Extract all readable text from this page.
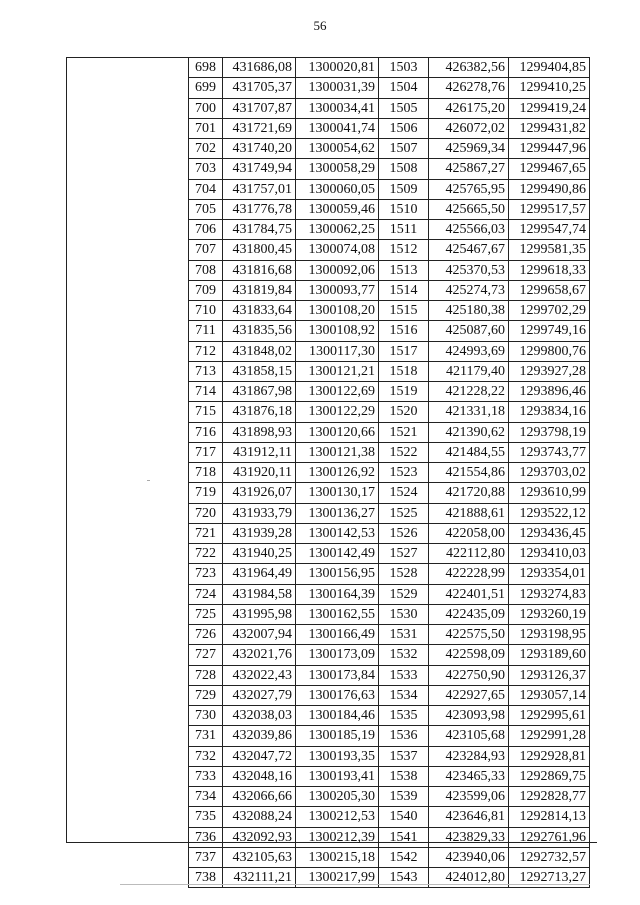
56
698	431686,08	1300020,81	1503	426382,56	1299404,85
699	431705,37	1300031,39	1504	426278,76	1299410,25
700	431707,87	1300034,41	1505	426175,20	1299419,24
701	431721,69	1300041,74	1506	426072,02	1299431,82
702	431740,20	1300054,62	1507	425969,34	1299447,96
703	431749,94	1300058,29	1508	425867,27	1299467,65
704	431757,01	1300060,05	1509	425765,95	1299490,86
705	431776,78	1300059,46	1510	425665,50	1299517,57
706	431784,75	1300062,25	1511	425566,03	1299547,74
707	431800,45	1300074,08	1512	425467,67	1299581,35
708	431816,68	1300092,06	1513	425370,53	1299618,33
709	431819,84	1300093,77	1514	425274,73	1299658,67
710	431833,64	1300108,20	1515	425180,38	1299702,29
711	431835,56	1300108,92	1516	425087,60	1299749,16
712	431848,02	1300117,30	1517	424993,69	1299800,76
713	431858,15	1300121,21	1518	421179,40	1293927,28
714	431867,98	1300122,69	1519	421228,22	1293896,46
715	431876,18	1300122,29	1520	421331,18	1293834,16
716	431898,93	1300120,66	1521	421390,62	1293798,19
717	431912,11	1300121,38	1522	421484,55	1293743,77
718	431920,11	1300126,92	1523	421554,86	1293703,02
719	431926,07	1300130,17	1524	421720,88	1293610,99
720	431933,79	1300136,27	1525	421888,61	1293522,12
721	431939,28	1300142,53	1526	422058,00	1293436,45
722	431940,25	1300142,49	1527	422112,80	1293410,03
723	431964,49	1300156,95	1528	422228,99	1293354,01
724	431984,58	1300164,39	1529	422401,51	1293274,83
725	431995,98	1300162,55	1530	422435,09	1293260,19
726	432007,94	1300166,49	1531	422575,50	1293198,95
727	432021,76	1300173,09	1532	422598,09	1293189,60
728	432022,43	1300173,84	1533	422750,90	1293126,37
729	432027,79	1300176,63	1534	422927,65	1293057,14
730	432038,03	1300184,46	1535	423093,98	1292995,61
731	432039,86	1300185,19	1536	423105,68	1292991,28
732	432047,72	1300193,35	1537	423284,93	1292928,81
733	432048,16	1300193,41	1538	423465,33	1292869,75
734	432066,66	1300205,30	1539	423599,06	1292828,77
735	432088,24	1300212,53	1540	423646,81	1292814,13
736	432092,93	1300212,39	1541	423829,33	1292761,96
737	432105,63	1300215,18	1542	423940,06	1292732,57
738	432111,21	1300217,99	1543	424012,80	1292713,27
